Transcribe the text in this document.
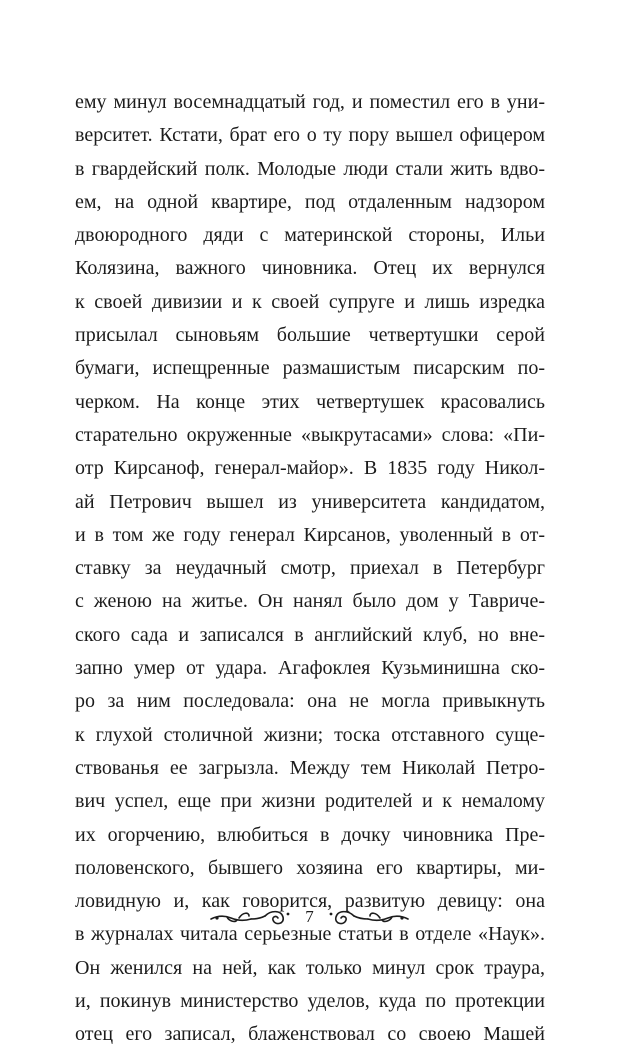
ему минул восемнадцатый год, и поместил его в уни-
верситет. Кстати, брат его о ту пору вышел офицером
в гвардейский полк. Молодые люди стали жить вдво-
ем, на одной квартире, под отдаленным надзором
двоюродного дяди с материнской стороны, Ильи
Колязина, важного чиновника. Отец их вернулся
к своей дивизии и к своей супруге и лишь изредка
присылал сыновьям большие четвертушки серой
бумаги, испещренные размашистым писарским по-
черком. На конце этих четвертушек красовались
старательно окруженные «выкрутасами» слова: «Пи-
отр Кирсаноф, генерал-майор». В 1835 году Никол-
ай Петрович вышел из университета кандидатом,
и в том же году генерал Кирсанов, уволенный в от-
ставку за неудачный смотр, приехал в Петербург
с женою на житье. Он нанял было дом у Тавриче-
ского сада и записался в английский клуб, но вне-
запно умер от удара. Агафоклея Кузьминишна ско-
ро за ним последовала: она не могла привыкнуть
к глухой столичной жизни; тоска отставного суще-
ствованья ее загрызла. Между тем Николай Петро-
вич успел, еще при жизни родителей и к немалому
их огорчению, влюбиться в дочку чиновника Пре-
половенского, бывшего хозяина его квартиры, ми-
ловидную и, как говорится, развитую девицу: она
в журналах читала серьезные статьи в отделе «Наук».
Он женился на ней, как только минул срок траура,
и, покинув министерство уделов, куда по протекции
отец его записал, блаженствовал со своею Машей
7
